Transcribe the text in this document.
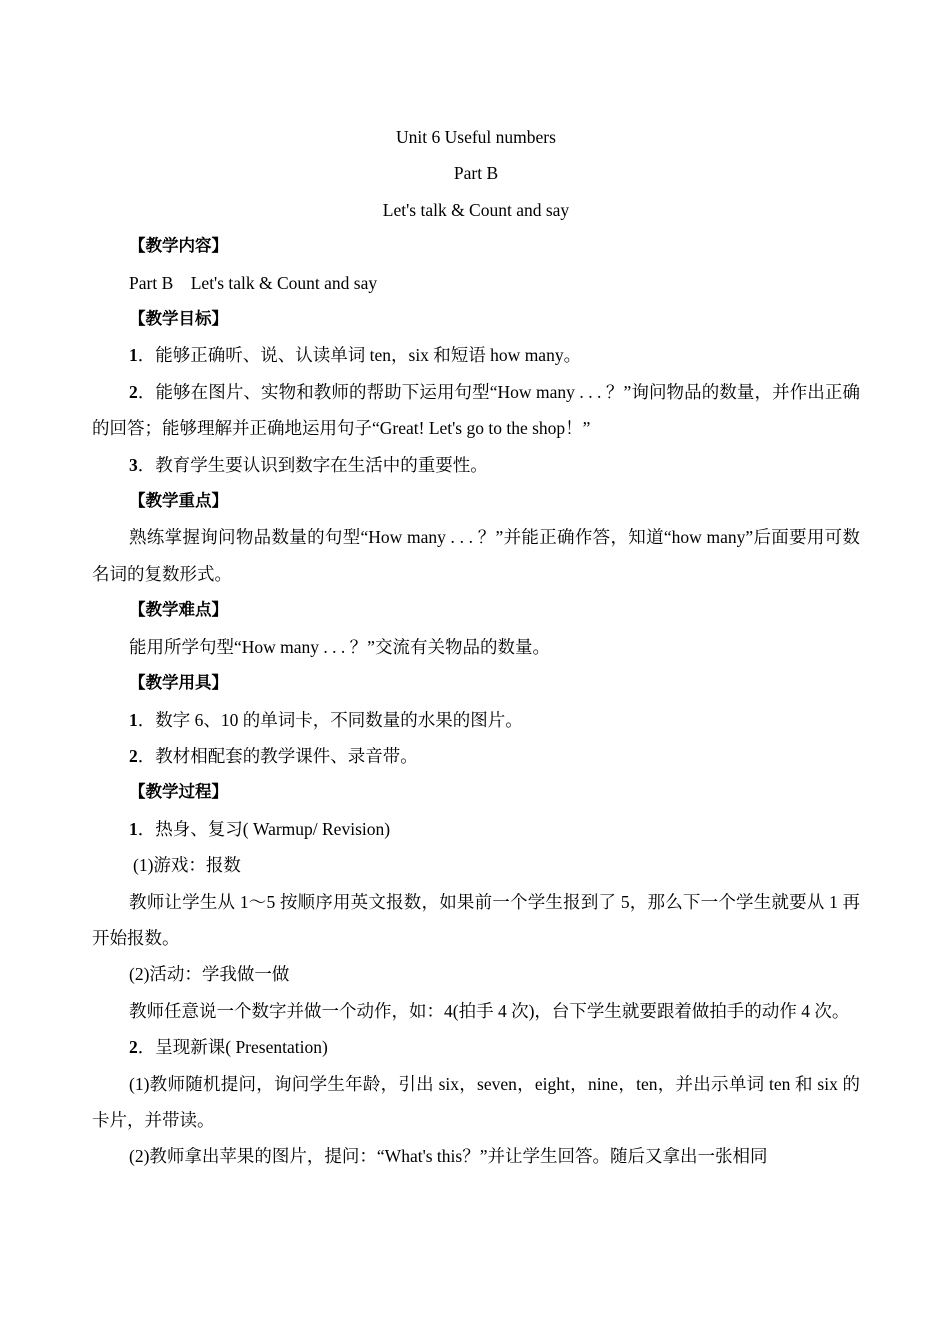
Unit 6 Useful numbers

Part B

Let's talk & Count and say

【教学内容】

Part B　Let's talk & Count and say

【教学目标】

1．能够正确听、说、认读单词 ten，six 和短语 how many。

2．能够在图片、实物和教师的帮助下运用句型“How many . . . ？”询问物品的数量，并作出正确的回答；能够理解并正确地运用句子“Great! Let's go to the shop！”

3．教育学生要认识到数字在生活中的重要性。

【教学重点】

熟练掌握询问物品数量的句型“How many . . . ？”并能正确作答，知道“how many”后面要用可数名词的复数形式。

【教学难点】

能用所学句型“How many . . . ？”交流有关物品的数量。

【教学用具】

1．数字 6、10 的单词卡，不同数量的水果的图片。

2．教材相配套的教学课件、录音带。

【教学过程】

1．热身、复习( Warmup/ Revision)

(1)游戏：报数

教师让学生从 1～5 按顺序用英文报数，如果前一个学生报到了 5，那么下一个学生就要从 1 再开始报数。

(2)活动：学我做一做

教师任意说一个数字并做一个动作，如：4(拍手 4 次)，台下学生就要跟着做拍手的动作 4 次。

2．呈现新课( Presentation)

(1)教师随机提问，询问学生年龄，引出 six，seven，eight，nine，ten，并出示单词 ten 和 six 的卡片，并带读。

(2)教师拿出苹果的图片，提问：“What's this？”并让学生回答。随后又拿出一张相同
